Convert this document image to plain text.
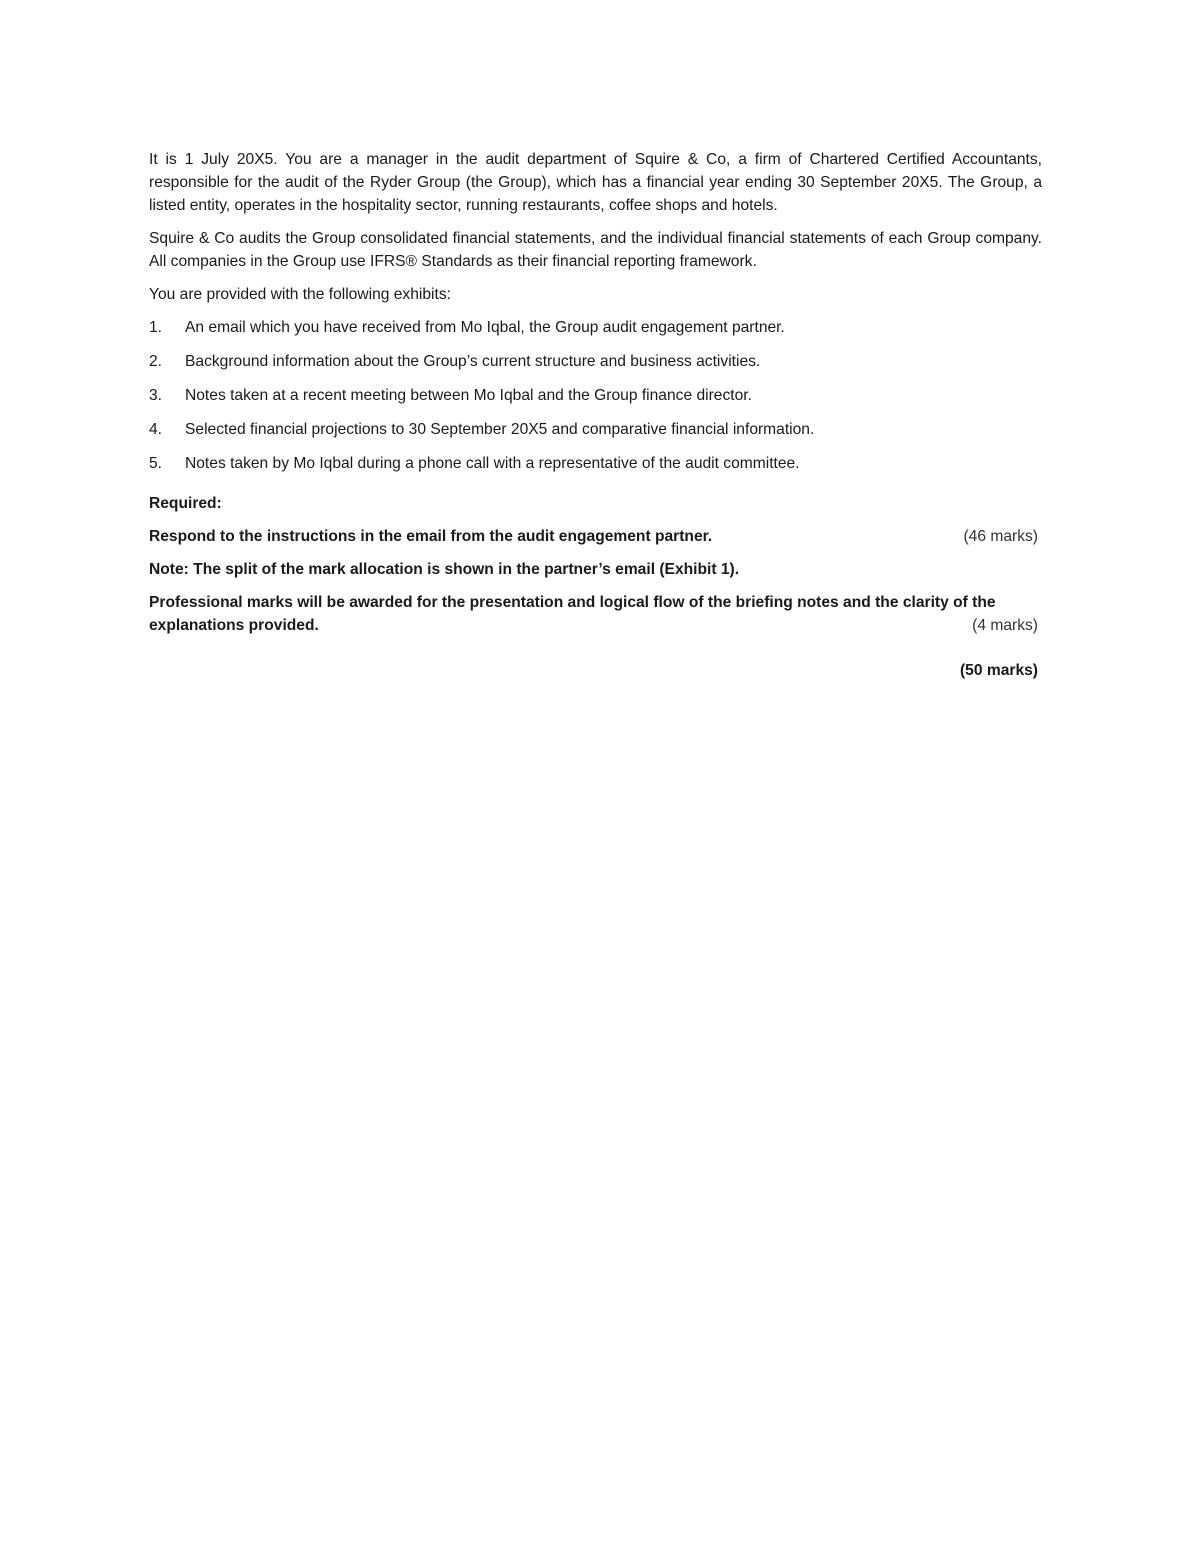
It is 1 July 20X5. You are a manager in the audit department of Squire & Co, a firm of Chartered Certified Accountants, responsible for the audit of the Ryder Group (the Group), which has a financial year ending 30 September 20X5. The Group, a listed entity, operates in the hospitality sector, running restaurants, coffee shops and hotels.

Squire & Co audits the Group consolidated financial statements, and the individual financial statements of each Group company. All companies in the Group use IFRS® Standards as their financial reporting framework.

You are provided with the following exhibits:

1.	An email which you have received from Mo Iqbal, the Group audit engagement partner.
2.	Background information about the Group’s current structure and business activities.
3.	Notes taken at a recent meeting between Mo Iqbal and the Group finance director.
4.	Selected financial projections to 30 September 20X5 and comparative financial information.
5.	Notes taken by Mo Iqbal during a phone call with a representative of the audit committee.
Required:
Respond to the instructions in the email from the audit engagement partner.	(46 marks)
Note: The split of the mark allocation is shown in the partner’s email (Exhibit 1).
Professional marks will be awarded for the presentation and logical flow of the briefing notes and the clarity of the
explanations provided.	(4 marks)
(50 marks)
